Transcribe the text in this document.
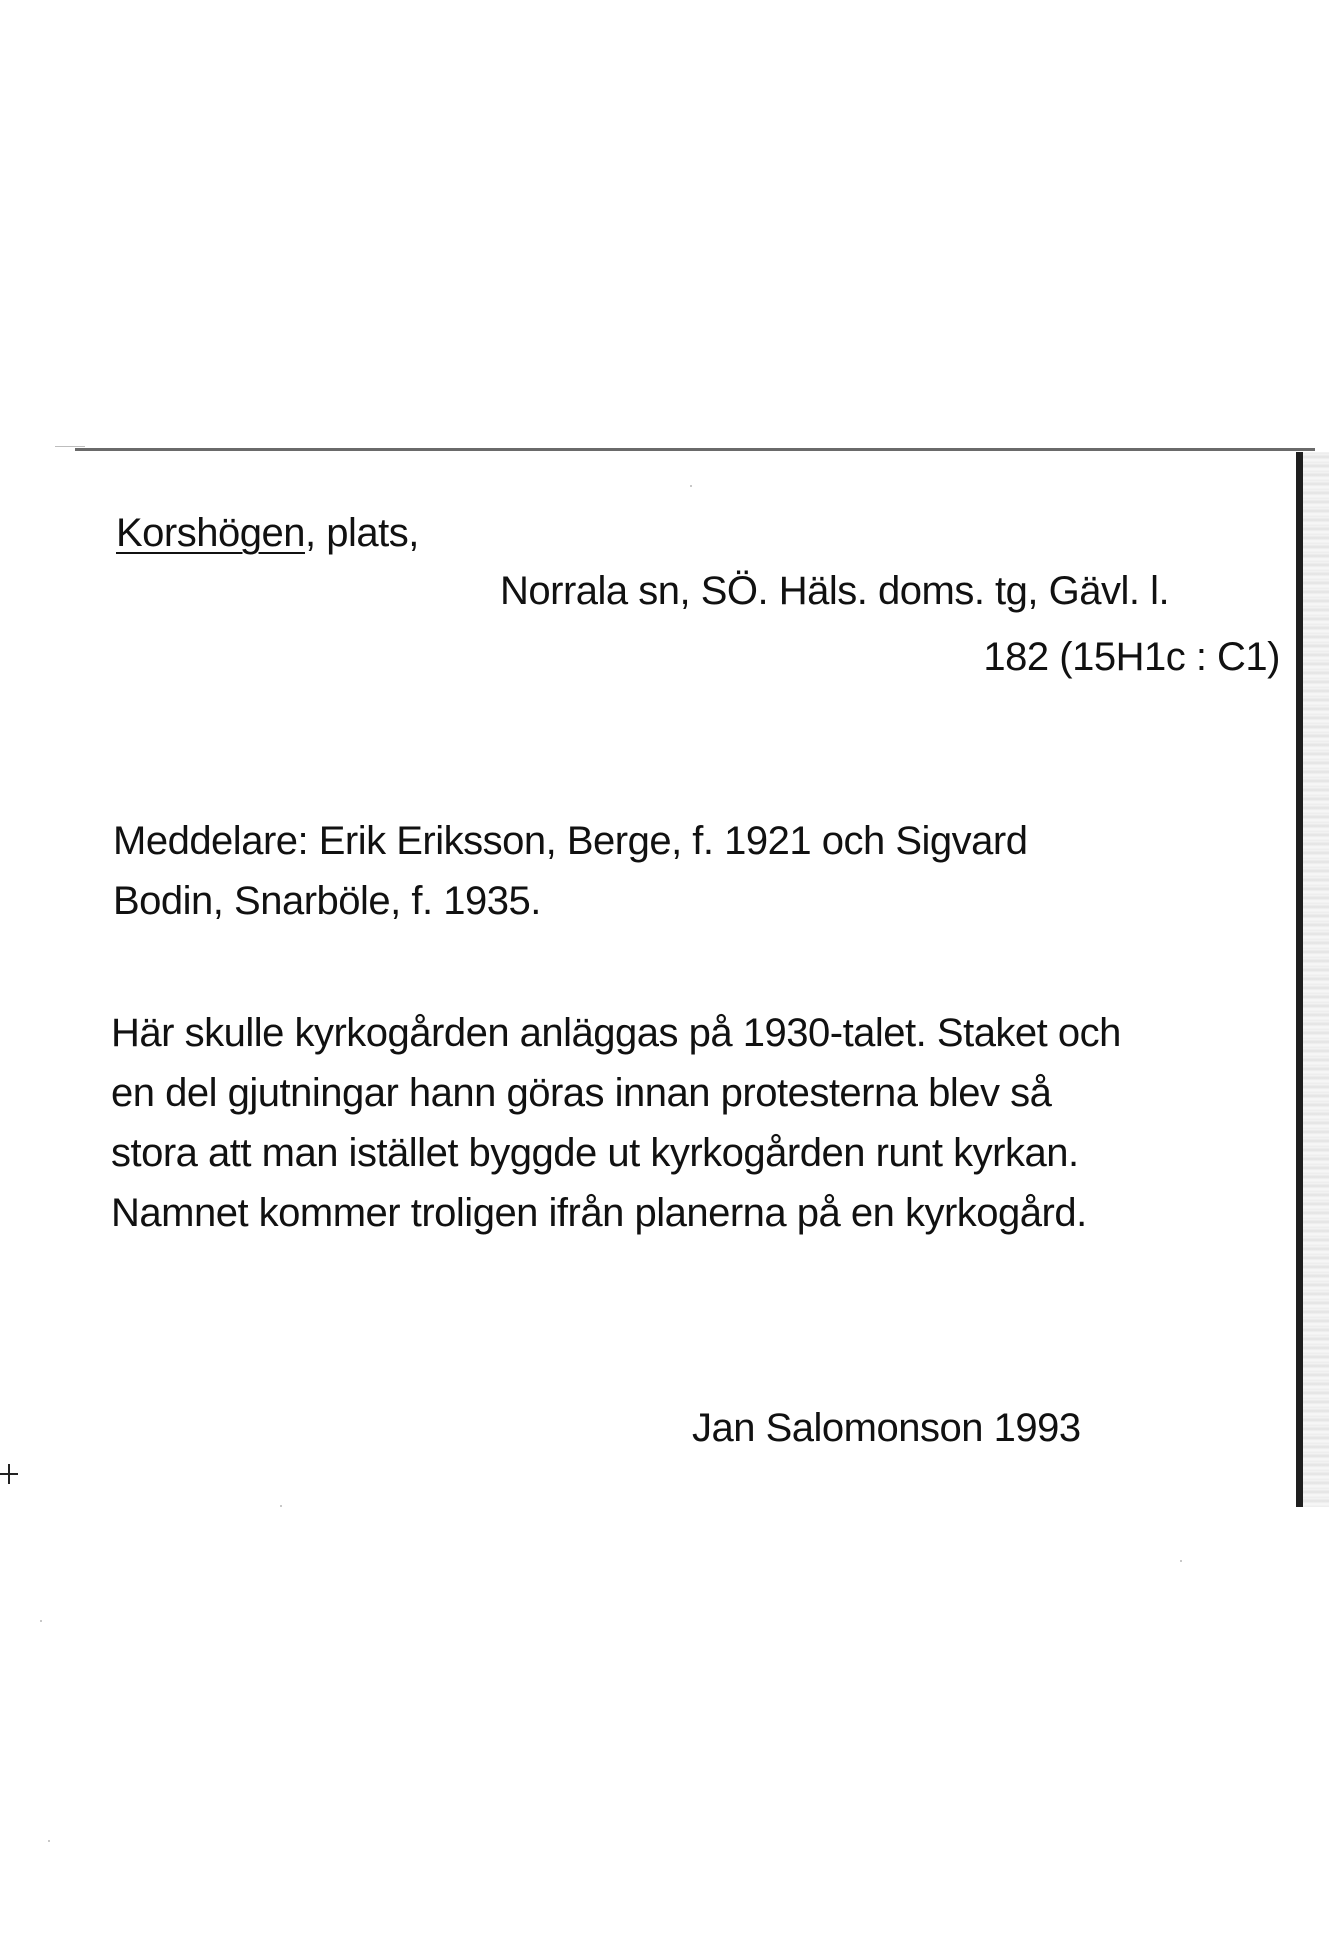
Korshögen, plats,

Norrala sn, SÖ. Häls. doms. tg, Gävl. l.

182 (15H1c : C1)

Meddelare: Erik Eriksson, Berge, f. 1921 och Sigvard

Bodin, Snarböle, f. 1935.

Här skulle kyrkogården anläggas på 1930-talet. Staket och

en del gjutningar hann göras innan protesterna blev så

stora att man istället byggde ut kyrkogården runt kyrkan.

Namnet kommer troligen ifrån planerna på en kyrkogård.

Jan Salomonson 1993
